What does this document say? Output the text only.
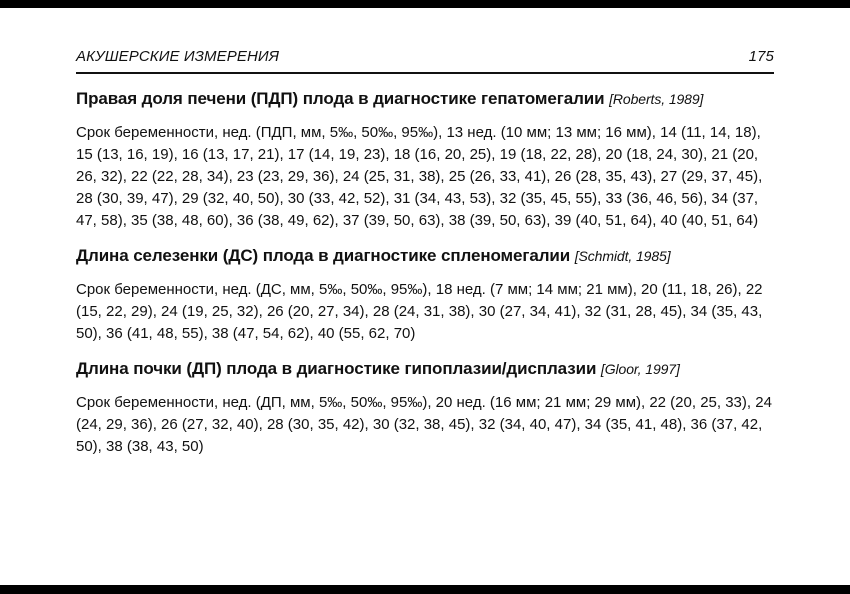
АКУШЕРСКИЕ ИЗМЕРЕНИЯ	175
Правая доля печени (ПДП) плода в диагностике гепатомегалии [Roberts, 1989]

Срок беременности, нед. (ПДП, мм, 5‰, 50‰, 95‰), 13 нед. (10 мм; 13 мм; 16 мм), 14 (11, 14, 18), 15 (13, 16, 19), 16 (13, 17, 21), 17 (14, 19, 23), 18 (16, 20, 25), 19 (18, 22, 28), 20 (18, 24, 30), 21 (20, 26, 32), 22 (22, 28, 34), 23 (23, 29, 36), 24 (25, 31, 38), 25 (26, 33, 41), 26 (28, 35, 43), 27 (29, 37, 45), 28 (30, 39, 47), 29 (32, 40, 50), 30 (33, 42, 52), 31 (34, 43, 53), 32 (35, 45, 55), 33 (36, 46, 56), 34 (37, 47, 58), 35 (38, 48, 60), 36 (38, 49, 62), 37 (39, 50, 63), 38 (39, 50, 63), 39 (40, 51, 64), 40 (40, 51, 64)

Длина селезенки (ДС) плода в диагностике спленомегалии [Schmidt, 1985]

Срок беременности, нед. (ДС, мм, 5‰, 50‰, 95‰), 18 нед. (7 мм; 14 мм; 21 мм), 20 (11, 18, 26), 22 (15, 22, 29), 24 (19, 25, 32), 26 (20, 27, 34), 28 (24, 31, 38), 30 (27, 34, 41), 32 (31, 28, 45), 34 (35, 43, 50), 36 (41, 48, 55), 38 (47, 54, 62), 40 (55, 62, 70)

Длина почки (ДП) плода в диагностике гипоплазии/дисплазии [Gloor, 1997]

Срок беременности, нед. (ДП, мм, 5‰, 50‰, 95‰), 20 нед. (16 мм; 21 мм; 29 мм), 22 (20, 25, 33), 24 (24, 29, 36), 26 (27, 32, 40), 28 (30, 35, 42), 30 (32, 38, 45), 32 (34, 40, 47), 34 (35, 41, 48), 36 (37, 42, 50), 38 (38, 43, 50)
